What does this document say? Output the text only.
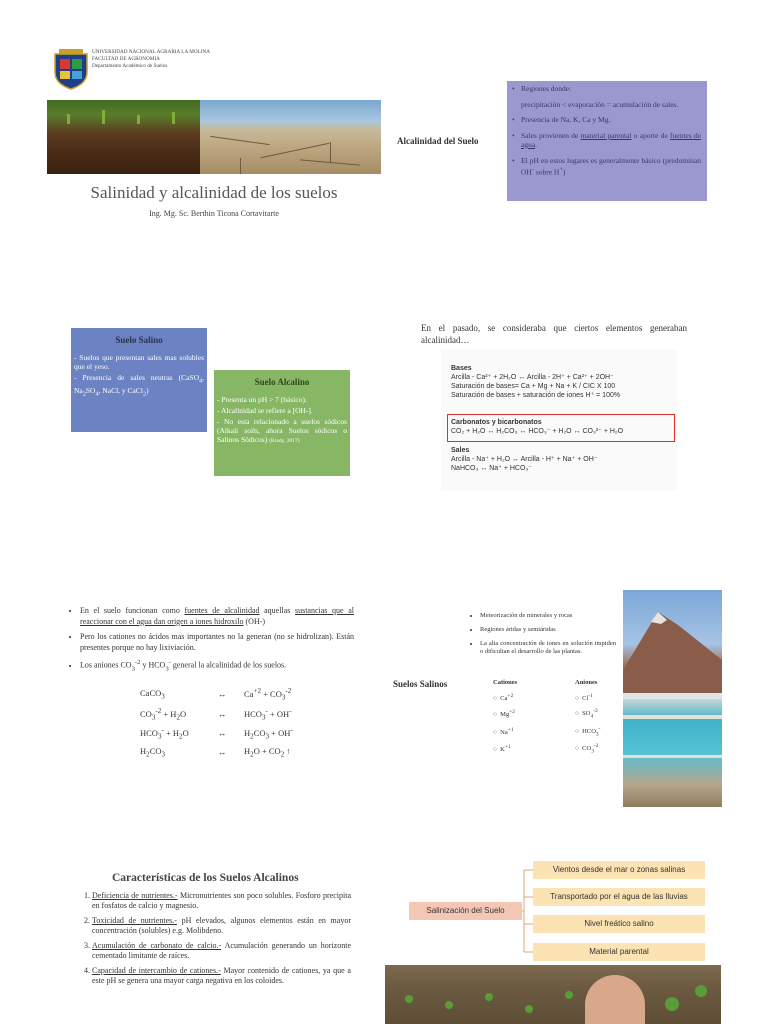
UNIVERSIDAD NACIONAL AGRARIA LA MOLINA
FACULTAD DE AGRONOMIA
Departamento Académico de Suelos
Salinidad y alcalinidad de los suelos
Ing. Mg. Sc. Berthin Ticona Cortavitarte
Alcalinidad del Suelo
• Regiones donde:
precipitación < evaporación = acumulación de sales.
• Presencia de Na, K, Ca y Mg.
• Sales provienen de material parental o aporte de fuentes de agua.
• El pH en estos lugares es generalmente básico (predominan OH- sobre H+)
Suelo Salino

- Suelos que presentan sales mas solubles que el yeso.

- Presencia de sales neutras (CaSO$_4$, $Na_2SO_4$, NaCl, y CaCl$_2$)

Suelo Alcalino

- Presenta un pH > 7 (básico).

- Alcalinidad se refiere a [OH-].

- No esta relacionado a suelos sódicos (Alkali soils, ahora Suelos sódicos o Salinos Sódicos) (Brady, 2017)

En el pasado, se consideraba que ciertos elementos generaban alcalinidad…
Bases
Arcilla - Ca²⁺ + 2H₂O ↔ Arcilla - 2H⁺ + Ca²⁺ + 2OH⁻
Saturación de bases= Ca + Mg + Na + K / CIC X 100
Saturación de bases + saturación de iones H⁺ = 100%
Carbonatos y bicarbonatos
CO₂ + H₂O ↔ H₂CO₃ ↔ HCO₃⁻ + H₂O ↔ CO₃²⁻ + H₂O
Sales
Arcilla - Na⁺ + H₂O ↔ Arcilla - H⁺ + Na⁺ + OH⁻
NaHCO₃ ↔ Na⁺ + HCO₃⁻
• En el suelo funcionan como fuentes de alcalinidad aquellas sustancias que al reaccionar con el agua dan origen a iones hidroxilo (OH-)
• Pero los cationes no ácidos mas importantes no la generan (no se hidrolizan). Están presentes porque no hay lixiviación.
• Los aniones $CO_3^{-2}$ y $HCO_3^-$ general la alcalinidad de los suelos.
CaCO$_3$	↔	$Ca^{+2} + CO_3^{-2}$
$CO_3^{-2} + H_2O$	↔	$HCO_3^- + OH^-$
$HCO_3^- + H_2O$	↔	$H_2CO_3 + OH^-$
$H_2CO_3$	↔	$H_2O + CO_2$ ↑
Suelos Salinos
• Meteorización de minerales y rocas
• Regiones áridas y semiáridas
• La alta concentración de iones en solución impiden o dificultan el desarrollo de las plantas.
Cationes	Aniones
○  $Ca^{+2}$	○  $Cl^{-1}$
○  $Mg^{+2}$	○  $SO_4^{-2}$
○  $Na^{+1}$	○  $HCO_3^-$
○  $K^{+1}$	○  $CO_3^{-2}$
Características de los Suelos Alcalinos
1. Deficiencia de nutrientes.- Micronutrientes son poco solubles. Fosforo precipita en fosfatos de calcio y magnesio.
2. Toxicidad de nutrientes.- pH elevados, algunos elementos están en mayor concentración (solubles) e.g. Molibdeno.
3. Acumulación de carbonato de calcio.- Acumulación generando un horizonte cementado limitante de raíces.
4. Capacidad de intercambio de cationes.- Mayor contenido de cationes, ya que a este pH se genera una mayor carga negativa en los coloides.
Salinización del Suelo
Vientos desde el mar o zonas salinas
Transportado por el agua de las lluvias
Nivel freático salino
Material parental
